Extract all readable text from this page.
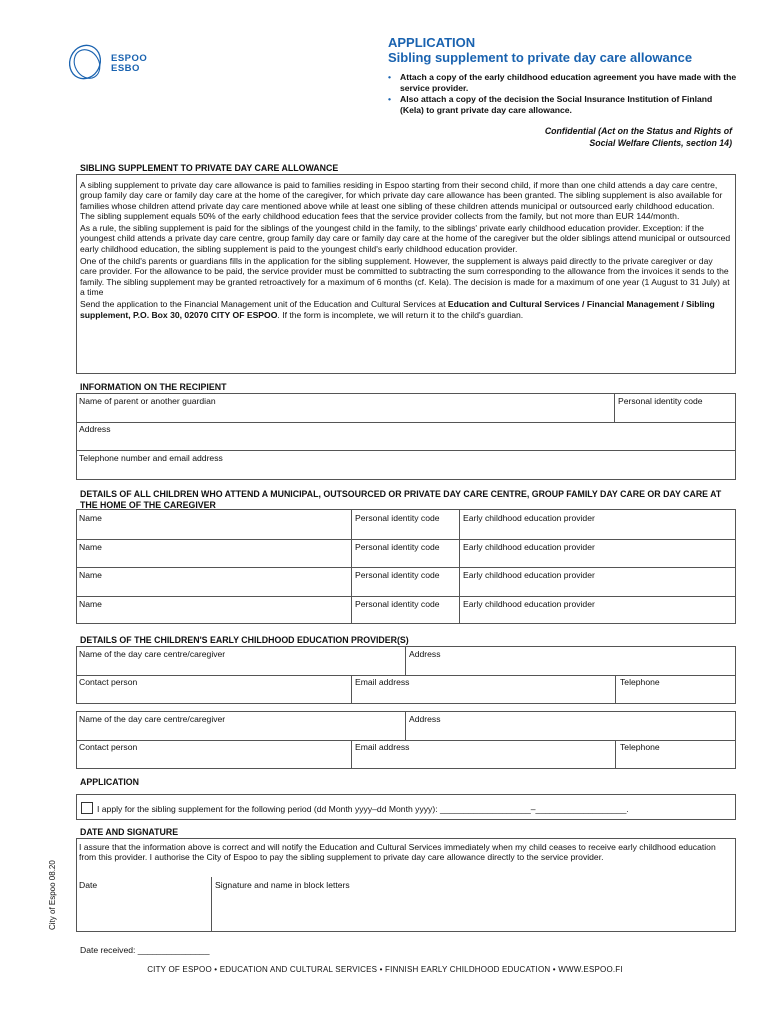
ESPOO
ESBO
APPLICATION
Sibling supplement to private day care allowance
• Attach a copy of the early childhood education agreement you have made with the service provider.
• Also attach a copy of the decision the Social Insurance Institution of Finland (Kela) to grant private day care allowance.
Confidential (Act on the Status and Rights of
Social Welfare Clients, section 14)
SIBLING SUPPLEMENT TO PRIVATE DAY CARE ALLOWANCE
A sibling supplement to private day care allowance is paid to families residing in Espoo starting from their second child, if more than one child attends a day care centre, group family day care or family day care at the home of the caregiver, for which private day care allowance has been granted. The sibling supplement is also available for families whose children attend private day care mentioned above while at least one sibling of these children attends municipal or outsourced early childhood education. The sibling supplement equals 50% of the early childhood education fees that the service provider collects from the family, but not more than EUR 144/month.
As a rule, the sibling supplement is paid for the siblings of the youngest child in the family, to the siblings' private early childhood education provider. Exception: if the youngest child attends a private day care centre, group family day care or family day care at the home of the caregiver but the older siblings attend municipal or outsourced early childhood education, the sibling supplement is paid to the youngest child's early childhood education provider.
One of the child's parents or guardians fills in the application for the sibling supplement. However, the supplement is always paid directly to the private caregiver or day care provider. For the allowance to be paid, the service provider must be committed to subtracting the sum corresponding to the allowance from the invoices it sends to the family. The sibling supplement may be granted retroactively for a maximum of 6 months (cf. Kela). The decision is made for a maximum of one year (1 August to 31 July) at a time
Send the application to the Financial Management unit of the Education and Cultural Services at Education and Cultural Services / Financial Management / Sibling supplement, P.O. Box 30, 02070 CITY OF ESPOO. If the form is incomplete, we will return it to the child's guardian.
INFORMATION ON THE RECIPIENT
Name of parent or another guardian	Personal identity code
Address
Telephone number and email address
DETAILS OF ALL CHILDREN WHO ATTEND A MUNICIPAL, OUTSOURCED OR PRIVATE DAY CARE CENTRE, GROUP FAMILY DAY CARE OR DAY CARE AT THE HOME OF THE CAREGIVER
Name	Personal identity code	Early childhood education provider
Name	Personal identity code	Early childhood education provider
Name	Personal identity code	Early childhood education provider
Name	Personal identity code	Early childhood education provider
DETAILS OF THE CHILDREN'S EARLY CHILDHOOD EDUCATION PROVIDER(S)
Name of the day care centre/caregiver	Address
Contact person	Email address	Telephone
Name of the day care centre/caregiver	Address
Contact person	Email address	Telephone
APPLICATION
I apply for the sibling supplement for the following period (dd Month yyyy–dd Month yyyy): ___________________–___________________.
DATE AND SIGNATURE
I assure that the information above is correct and will notify the Education and Cultural Services immediately when my child ceases to receive early childhood education from this provider. I authorise the City of Espoo to pay the sibling supplement to private day care allowance directly to the service provider.
Date	Signature and name in block letters
City of Espoo 08.20
Date received: _______________
CITY OF ESPOO • EDUCATION AND CULTURAL SERVICES • FINNISH EARLY CHILDHOOD EDUCATION • WWW.ESPOO.FI
